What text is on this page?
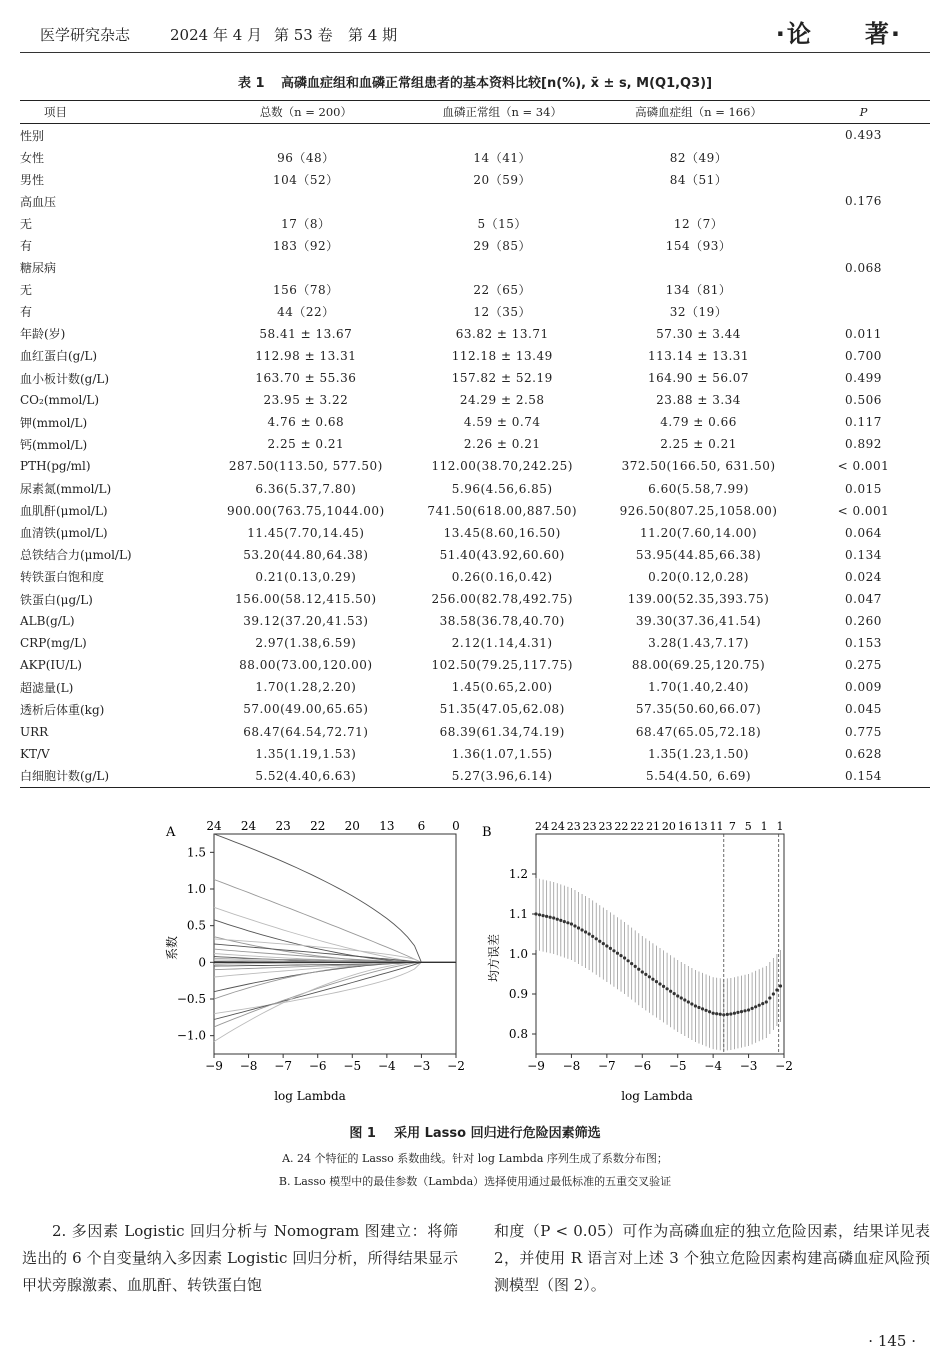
医学研究杂志	2024 年 4 月 第 53 卷 第 4 期	·论　　著·
表 1 高磷血症组和血磷正常组患者的基本资料比较[n(%), x̄ ± s, M(Q1,Q3)]
项目	总数（n = 200）	血磷正常组（n = 34）	高磷血症组（n = 166）	P
性别				0.493
女性	96（48）	14（41）	82（49）	
男性	104（52）	20（59）	84（51）	
高血压				0.176
无	17（8）	5（15）	12（7）	
有	183（92）	29（85）	154（93）	
糖尿病				0.068
无	156（78）	22（65）	134（81）	
有	44（22）	12（35）	32（19）	
年龄(岁)	58.41 ± 13.67	63.82 ± 13.71	57.30 ± 3.44	0.011
血红蛋白(g/L)	112.98 ± 13.31	112.18 ± 13.49	113.14 ± 13.31	0.700
血小板计数(g/L)	163.70 ± 55.36	157.82 ± 52.19	164.90 ± 56.07	0.499
CO₂(mmol/L)	23.95 ± 3.22	24.29 ± 2.58	23.88 ± 3.34	0.506
钾(mmol/L)	4.76 ± 0.68	4.59 ± 0.74	4.79 ± 0.66	0.117
钙(mmol/L)	2.25 ± 0.21	2.26 ± 0.21	2.25 ± 0.21	0.892
PTH(pg/ml)	287.50(113.50, 577.50)	112.00(38.70,242.25)	372.50(166.50, 631.50)	< 0.001
尿素氮(mmol/L)	6.36(5.37,7.80)	5.96(4.56,6.85)	6.60(5.58,7.99)	0.015
血肌酐(μmol/L)	900.00(763.75,1044.00)	741.50(618.00,887.50)	926.50(807.25,1058.00)	< 0.001
血清铁(μmol/L)	11.45(7.70,14.45)	13.45(8.60,16.50)	11.20(7.60,14.00)	0.064
总铁结合力(μmol/L)	53.20(44.80,64.38)	51.40(43.92,60.60)	53.95(44.85,66.38)	0.134
转铁蛋白饱和度	0.21(0.13,0.29)	0.26(0.16,0.42)	0.20(0.12,0.28)	0.024
铁蛋白(μg/L)	156.00(58.12,415.50)	256.00(82.78,492.75)	139.00(52.35,393.75)	0.047
ALB(g/L)	39.12(37.20,41.53)	38.58(36.78,40.70)	39.30(37.36,41.54)	0.260
CRP(mg/L)	2.97(1.38,6.59)	2.12(1.14,4.31)	3.28(1.43,7.17)	0.153
AKP(IU/L)	88.00(73.00,120.00)	102.50(79.25,117.75)	88.00(69.25,120.75)	0.275
超滤量(L)	1.70(1.28,2.20)	1.45(0.65,2.00)	1.70(1.40,2.40)	0.009
透析后体重(kg)	57.00(49.00,65.65)	51.35(47.05,62.08)	57.35(50.60,66.07)	0.045
URR	68.47(64.54,72.71)	68.39(61.34,74.19)	68.47(65.05,72.18)	0.775
KT/V	1.35(1.19,1.53)	1.36(1.07,1.55)	1.35(1.23,1.50)	0.628
白细胞计数(g/L)	5.52(4.40,6.63)	5.27(3.96,6.14)	5.54(4.50, 6.69)	0.154
A	B
log Lambda	log Lambda
系数	均方误差
−9 −8 −7 −6 −5 −4 −3 −2
−1.0
−0.5
0
0.5
1.0
1.5
24 24 23 22 20 13 6 0
−9 −8 −7 −6 −5 −4 −3 −2
0.8
0.9
1.0
1.1
1.2
24 24 23 23 23 22 22 21 20 16 13 11 7 5 1 1
图 1 采用 Lasso 回归进行危险因素筛选
A. 24 个特征的 Lasso 系数曲线。针对 log Lambda 序列生成了系数分布图；
B. Lasso 模型中的最佳参数（Lambda）选择使用通过最低标准的五重交叉验证
2. 多因素 Logistic 回归分析与 Nomogram 图建立：将筛选出的 6 个自变量纳入多因素 Logistic 回归分析，所得结果显示甲状旁腺激素、血肌酐、转铁蛋白饱
和度（P < 0.05）可作为高磷血症的独立危险因素，结果详见表 2，并使用 R 语言对上述 3 个独立危险因素构建高磷血症风险预测模型（图 2）。
· 145 ·
